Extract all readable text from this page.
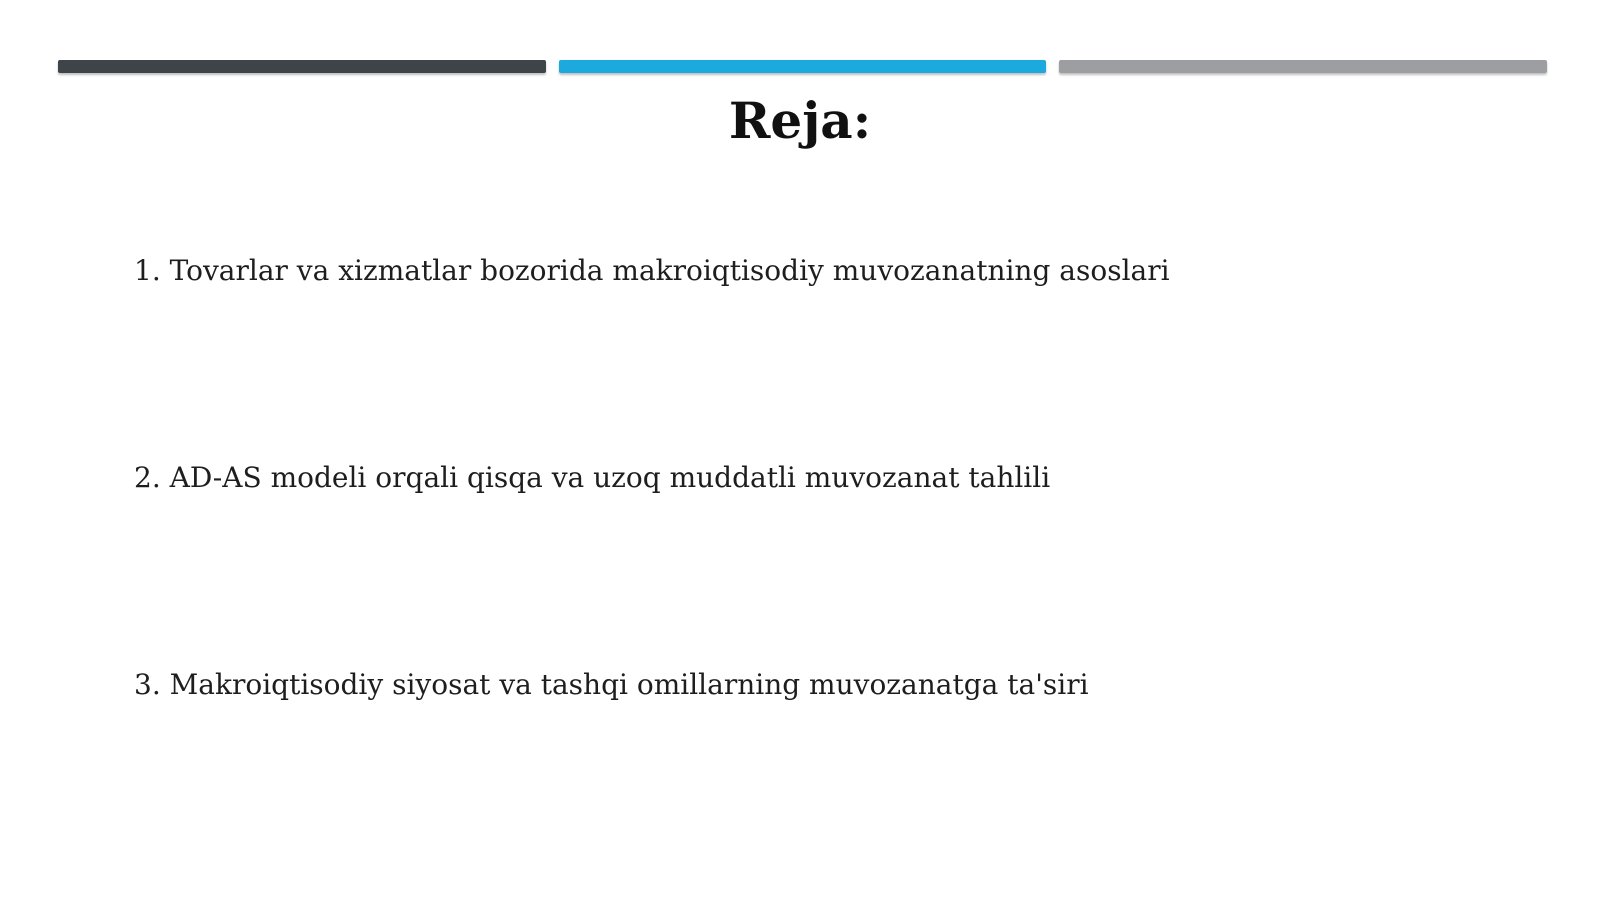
Reja:
1. Tovarlar va xizmatlar bozorida makroiqtisodiy muvozanatning asoslari
2. AD-AS modeli orqali qisqa va uzoq muddatli muvozanat tahlili
3. Makroiqtisodiy siyosat va tashqi omillarning muvozanatga ta'siri
